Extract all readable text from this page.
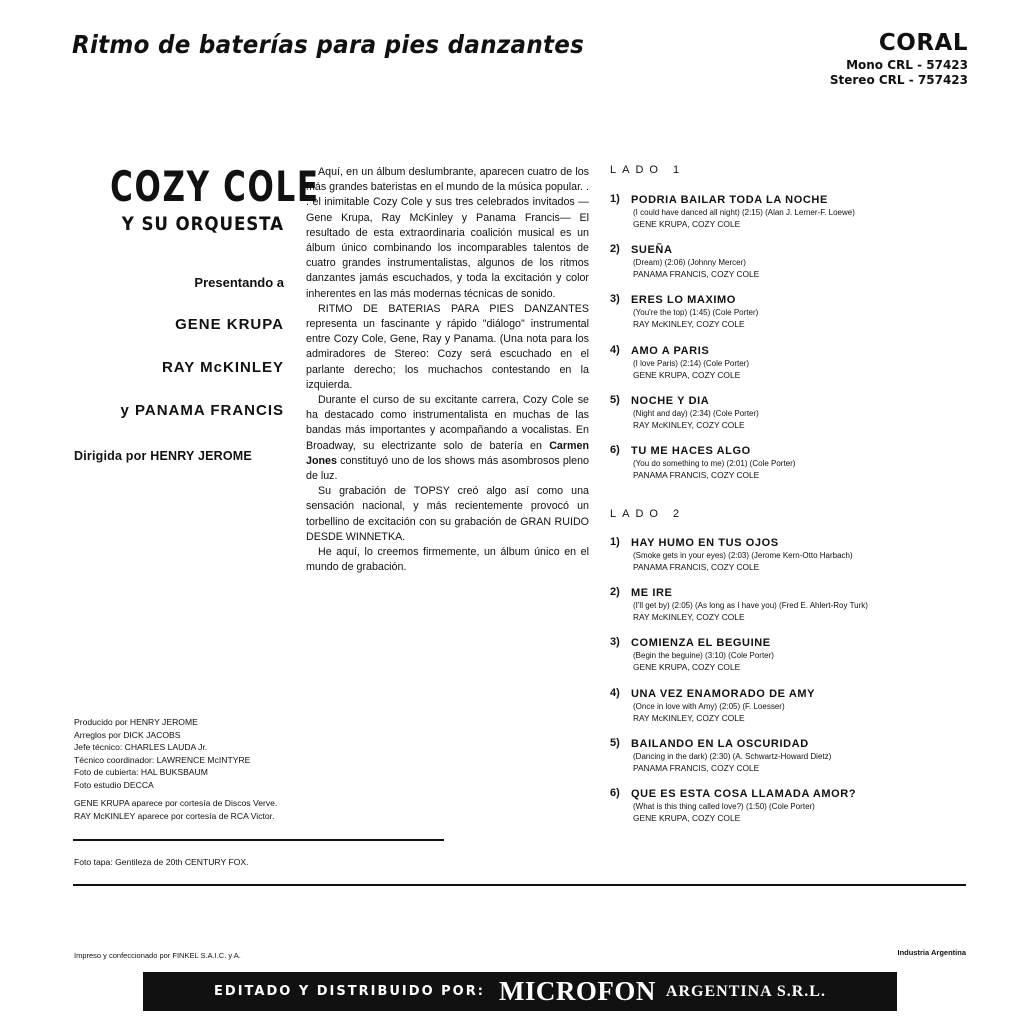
Ritmo de baterías para pies danzantes	CORAL
Mono CRL - 57423
Stereo CRL - 757423
COZY COLE
Y SU ORQUESTA
Presentando a
GENE KRUPA
RAY McKINLEY
y PANAMA FRANCIS
Dirigida por HENRY JEROME

Aquí, en un álbum deslumbrante, aparecen cuatro de los más grandes bateristas en el mundo de la música popular. . . el inimitable Cozy Cole y sus tres celebrados invitados —Gene Krupa, Ray McKinley y Panama Francis— El resultado de esta extraordinaria coalición musical es un álbum único combinando los incomparables talentos de cuatro grandes instrumentalistas, algunos de los ritmos danzantes jamás escuchados, y toda la excitación y color inherentes en las más modernas técnicas de sonido.

RITMO DE BATERIAS PARA PIES DANZANTES representa un fascinante y rápido "diálogo" instrumental entre Cozy Cole, Gene, Ray y Panama. (Una nota para los admiradores de Stereo: Cozy será escuchado en el parlante derecho; los muchachos contestando en la izquierda.

Durante el curso de su excitante carrera, Cozy Cole se ha destacado como instrumentalista en muchas de las bandas más importantes y acompañando a vocalistas. En Broadway, su electrizante solo de batería en Carmen Jones constituyó uno de los shows más asombrosos pleno de luz.

Su grabación de TOPSY creó algo así como una sensación nacional, y más recientemente provocó un torbellino de excitación con su grabación de GRAN RUIDO DESDE WINNETKA.

He aquí, lo creemos firmemente, un álbum único en el mundo de grabación.

Producido por HENRY JEROME
Arreglos por DICK JACOBS
Jefe técnico: CHARLES LAUDA Jr.
Técnico coordinador: LAWRENCE McINTYRE
Foto de cubierta: HAL BUKSBAUM
Foto estudio DECCA
GENE KRUPA aparece por cortesía de Discos Verve.
RAY McKINLEY aparece por cortesía de RCA Victor.
Foto tapa: Gentileza de 20th CENTURY FOX.
LADO 1
1) PODRIA BAILAR TODA LA NOCHE
(I could have danced all night) (2:15) (Alan J. Lerner-F. Loewe)
GENE KRUPA, COZY COLE
2) SUEÑA
(Dream) (2:06) (Johnny Mercer)
PANAMA FRANCIS, COZY COLE
3) ERES LO MAXIMO
(You're the top) (1:45) (Cole Porter)
RAY McKINLEY, COZY COLE
4) AMO A PARIS
(I love Paris) (2:14) (Cole Porter)
GENE KRUPA, COZY COLE
5) NOCHE Y DIA
(Night and day) (2:34) (Cole Porter)
RAY McKINLEY, COZY COLE
6) TU ME HACES ALGO
(You do something to me) (2:01) (Cole Porter)
PANAMA FRANCIS, COZY COLE
LADO 2
1) HAY HUMO EN TUS OJOS
(Smoke gets in your eyes) (2:03) (Jerome Kern-Otto Harbach)
PANAMA FRANCIS, COZY COLE
2) ME IRE
(I'll get by) (2:05) (As long as I have you) (Fred E. Ahlert-Roy Turk)
RAY McKINLEY, COZY COLE
3) COMIENZA EL BEGUINE
(Begin the beguine) (3:10) (Cole Porter)
GENE KRUPA, COZY COLE
4) UNA VEZ ENAMORADO DE AMY
(Once in love with Amy) (2:05) (F. Loesser)
RAY McKINLEY, COZY COLE
5) BAILANDO EN LA OSCURIDAD
(Dancing in the dark) (2:30) (A. Schwartz-Howard Dietz)
PANAMA FRANCIS, COZY COLE
6) QUE ES ESTA COSA LLAMADA AMOR?
(What is this thing called love?) (1:50) (Cole Porter)
GENE KRUPA, COZY COLE
Impreso y confeccionado por FINKEL S.A.I.C. y A.	Industria Argentina
EDITADO Y DISTRIBUIDO POR: MICROFON ARGENTINA S.R.L.
